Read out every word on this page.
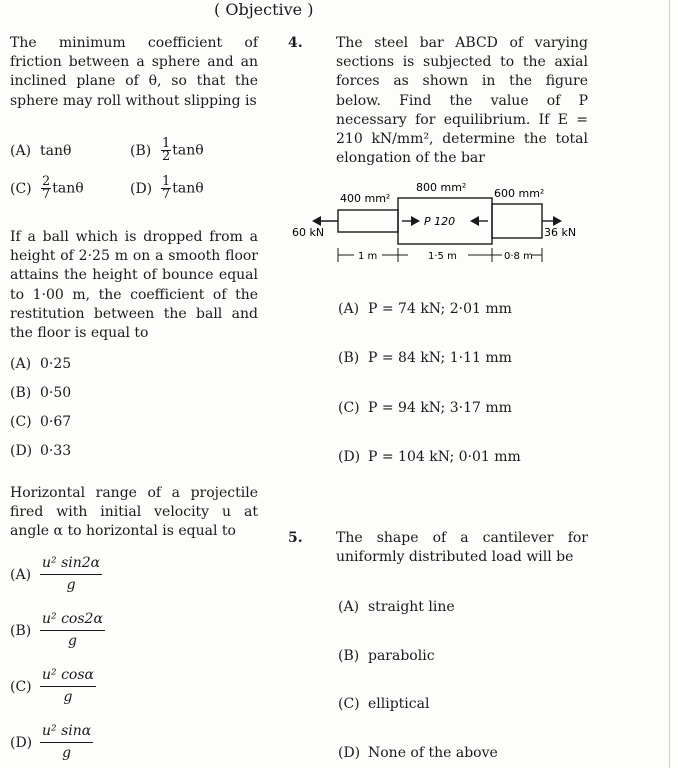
( Objective )

The minimum coefficient of friction between a sphere and an inclined plane of θ, so that the sphere may roll without slipping is

(A) tanθ	$(B) \frac{1}{2}$ tanθ
$(C) \frac{2}{7}$ tanθ	$(D) \frac{1}{7}$ tanθ

If a ball which is dropped from a height of 2·25 m on a smooth floor attains the height of bounce equal to 1·00 m, the coefficient of the restitution between the ball and the floor is equal to

(A) 0·25
(B) 0·50
(C) 0·67
(D) 0·33

Horizontal range of a projectile fired with initial velocity u at angle α to horizontal is equal to

$(A) \frac{\text{u² sin2α}}{g}$
$(B) \frac{\text{u² cos2α}}{g}$
$(C) \frac{\text{u² cosα}}{g}$
$(D) \frac{\text{u² sinα}}{g}$

4. The steel bar ABCD of varying sections is subjected to the axial forces as shown in the figure below. Find the value of P necessary for equilibrium. If E = 210 kN/mm², determine the total elongation of the bar

400 mm²
800 mm²	600 mm²
60 kN
P 120
36 kN
1 m	1·5 m	0·8 m
(A) P = 74 kN; 2·01 mm
(B) P = 84 kN; 1·11 mm
(C) P = 94 kN; 3·17 mm
(D) P = 104 kN; 0·01 mm

5. The shape of a cantilever for uniformly distributed load will be

(A) straight line
(B) parabolic
(C) elliptical
(D) None of the above
